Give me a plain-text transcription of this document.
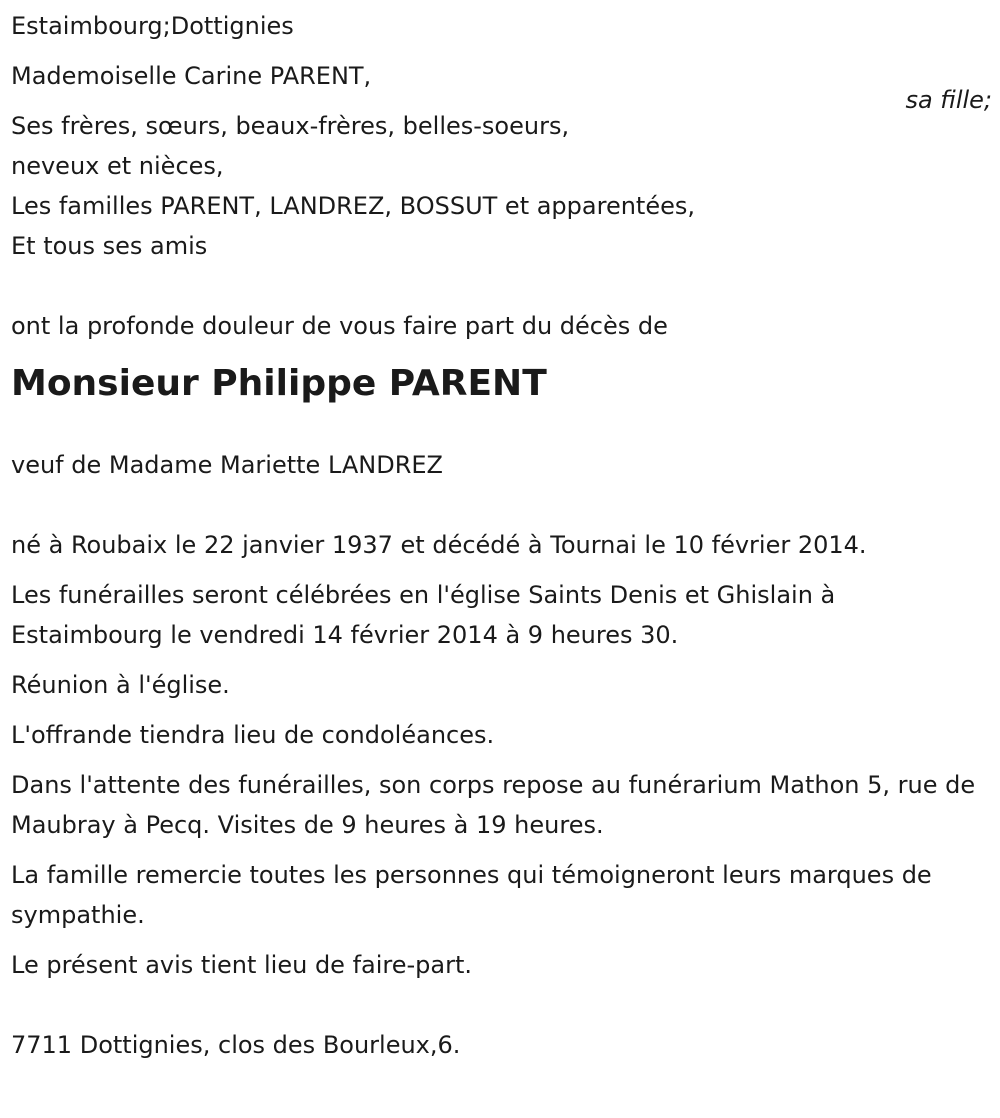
Estaimbourg;Dottignies
Mademoiselle Carine PARENT,
Ses frères, sœurs, beaux-frères, belles-soeurs,
neveux et nièces,
Les familles PARENT, LANDREZ, BOSSUT et apparentées,
Et tous ses amis
ont la profonde douleur de vous faire part du décès de
Monsieur Philippe PARENT
veuf de Madame Mariette LANDREZ
né à Roubaix le 22 janvier 1937 et décédé à Tournai le 10 février 2014.
Les funérailles seront célébrées en l'église Saints Denis et Ghislain à Estaimbourg le vendredi 14 février 2014 à 9 heures 30.
Réunion à l'église.
L'offrande tiendra lieu de condoléances.
Dans l'attente des funérailles, son corps repose au funérarium Mathon 5, rue de Maubray à Pecq. Visites de 9 heures à 19 heures.
La famille remercie toutes les personnes qui témoigneront leurs marques de sympathie.
Le présent avis tient lieu de faire-part.
7711 Dottignies, clos des Bourleux,6.
sa fille;
